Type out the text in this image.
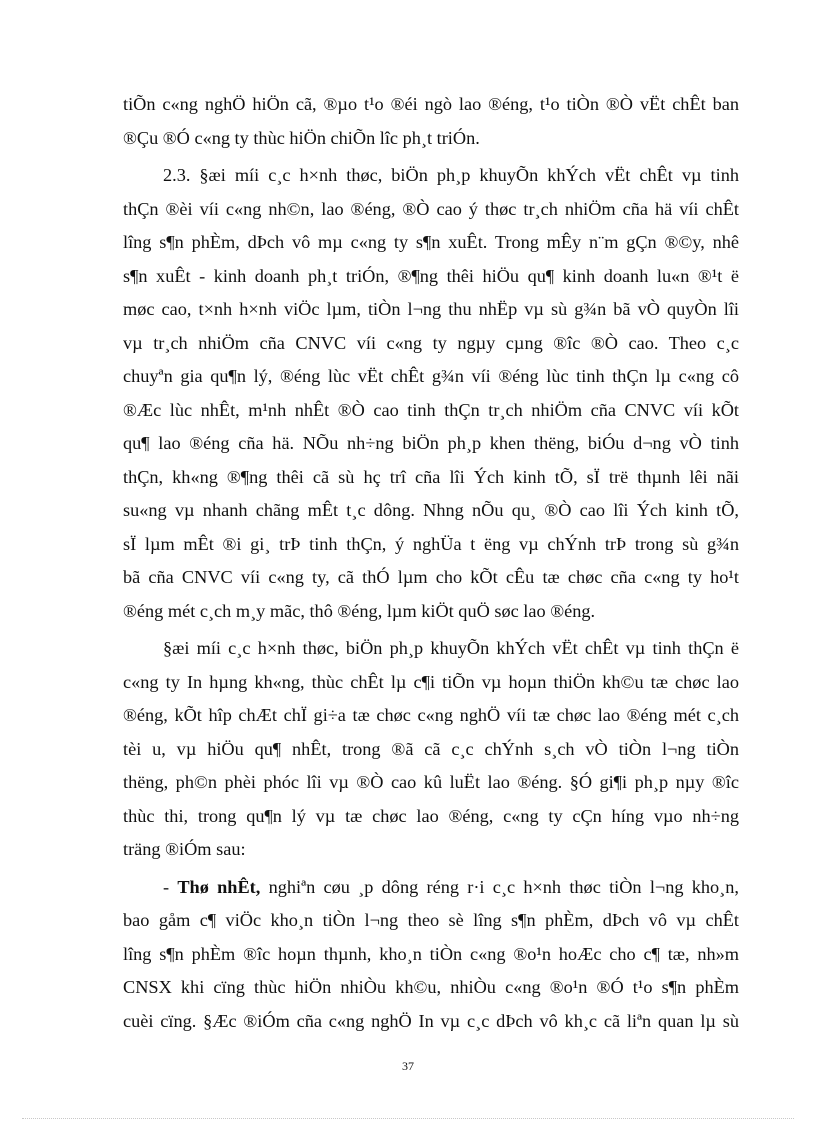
tiÕn c«ng nghÖ hiÖn cã, ®µo t¹o ®éi ngò lao ®éng, t¹o tiÒn ®Ò vËt chÊt ban
®Çu ®Ó c«ng ty thùc hiÖn chiÕn lîc ph¸t triÓn.
2.3. §æi míi c¸c h×nh thøc, biÖn ph¸p khuyÕn khÝch vËt chÊt vµ tinh
thÇn ®èi víi c«ng nh©n, lao ®éng, ®Ò cao ý thøc tr¸ch nhiÖm cña hä víi chÊt
lîng s¶n phÈm, dÞch vô mµ c«ng ty s¶n xuÊt. Trong mÊy n¨m gÇn ®©y, nhê
s¶n xuÊt - kinh doanh ph¸t triÓn, ®¶ng thêi hiÖu qu¶ kinh doanh lu«n ®¹t ë
møc cao, t×nh h×nh viÖc lµm, tiÒn l¬ng thu nhËp vµ sù g¾n bã vÒ quyÒn lîi
vµ tr¸ch nhiÖm cña CNVC víi c«ng ty ngµy cµng ®îc ®Ò cao. Theo c¸c
chuyªn gia qu¶n lý, ®éng lùc vËt chÊt g¾n víi ®éng lùc tinh thÇn lµ c«ng cô
®Æc lùc nhÊt, m¹nh nhÊt ®Ò cao tinh thÇn tr¸ch nhiÖm cña CNVC víi kÕt
qu¶ lao ®éng cña hä. NÕu nh÷ng biÖn ph¸p khen thëng, biÓu d¬ng vÒ tinh
thÇn, kh«ng ®¶ng thêi cã sù hç trî cña lîi Ých kinh tÕ, sÏ trë thµnh lêi nãi
su«ng vµ nhanh chãng mÊt t¸c dông. Nhng nÕu qu¸ ®Ò cao lîi Ých kinh tÕ,
sÏ lµm mÊt ®i gi¸ trÞ tinh thÇn, ý nghÜa t ëng vµ chÝnh trÞ trong sù g¾n
bã cña CNVC víi c«ng ty, cã thÓ lµm cho kÕt cÊu tæ chøc cña c«ng ty ho¹t
®éng mét c¸ch m¸y mãc, thô ®éng, lµm kiÖt quÖ søc lao ®éng.
§æi míi c¸c h×nh thøc, biÖn ph¸p khuyÕn khÝch vËt chÊt vµ tinh thÇn ë
c«ng ty In hµng kh«ng, thùc chÊt lµ c¶i tiÕn vµ hoµn thiÖn kh©u tæ chøc lao
®éng, kÕt hîp chÆt chÏ gi÷a tæ chøc c«ng nghÖ víi tæ chøc lao ®éng mét c¸ch
tèi u, vµ hiÖu qu¶ nhÊt, trong ®ã cã c¸c chÝnh s¸ch vÒ tiÒn l¬ng tiÒn
thëng, ph©n phèi phóc lîi vµ ®Ò cao kû luËt lao ®éng. §Ó gi¶i ph¸p nµy ®îc
thùc thi, trong qu¶n lý vµ tæ chøc lao ®éng, c«ng ty cÇn híng vµo nh÷ng
träng ®iÓm sau:
- Thø nhÊt, nghiªn cøu ¸p dông réng r·i c¸c h×nh thøc tiÒn l¬ng kho¸n,
bao gåm c¶ viÖc kho¸n tiÒn l¬ng theo sè lîng s¶n phÈm, dÞch vô vµ chÊt
lîng s¶n phÈm ®îc hoµn thµnh, kho¸n tiÒn c«ng ®o¹n hoÆc cho c¶ tæ, nh»m
CNSX khi cïng thùc hiÖn nhiÒu kh©u, nhiÒu c«ng ®o¹n ®Ó t¹o s¶n phÈm
cuèi cïng. §Æc ®iÓm cña c«ng nghÖ In vµ c¸c dÞch vô kh¸c cã liªn quan lµ sù
37
